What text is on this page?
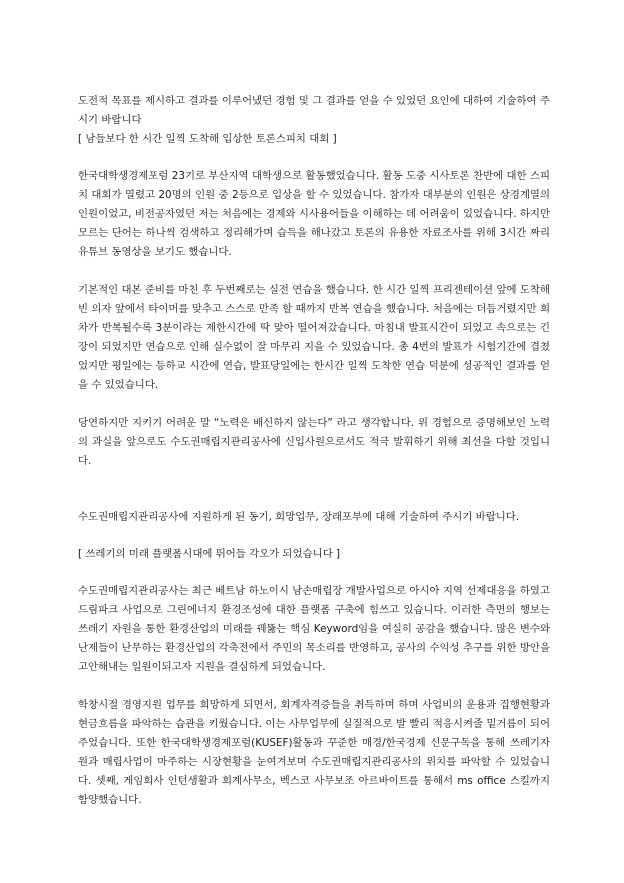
도전적 목표를 제시하고 결과를 이루어냈던 경험 및 그 결과를 얻을 수 있었던 요인에 대하여 기술하여 주시기 바랍니다

[ 남들보다 한 시간 일찍 도착해 입상한 토론스피치 대회 ]

한국대학생경제포럼 23기로 부산지역 대학생으로 활동했었습니다. 활동 도중 시사토론 찬반에 대한 스피치 대회가 열렸고 20명의 인원 중 2등으로 입상을 할 수 있었습니다. 참가자 대부분의 인원은 상경계열의 인원이었고, 비전공자였던 저는 처음에는 경제와 시사용어들을 이해하는 데 어려움이 있었습니다. 하지만 모르는 단어는 하나씩 검색하고 정리해가며 습득을 해나갔고 토론의 유용한 자료조사를 위해 3시간 짜리 유튜브 동영상을 보기도 했습니다.

기본적인 대본 준비를 마친 후 두번째로는 실전 연습을 했습니다. 한 시간 일찍 프리젠테이션 앞에 도착해 빈 의자 앞에서 타이머를 맞추고 스스로 만족 할 때까지 반복 연습을 했습니다. 처음에는 더듬거렸지만 회차가 반복될수록 3분이라는 제한시간에 딱 맞아 떨어져갔습니다. 마침내 발표시간이 되었고 속으로는 긴장이 되었지만 연습으로 인해 실수없이 잘 마무리 지을 수 있었습니다. 총 4번의 발표가 시험기간에 겹쳤었지만 평일에는 등하교 시간에 연습, 발표당일에는 한시간 일찍 도착한 연습 덕분에 성공적인 결과를 얻을 수 있었습니다.

당연하지만 지키기 어려운 말 “노력은 배신하지 않는다” 라고 생각합니다. 위 경험으로 증명해보인 노력의 과실을 앞으로도 수도권매립지관리공사에 신입사원으로서도 적극 발휘하기 위해 최선을 다할 것입니다.

수도권매립지관리공사에 지원하게 된 동기, 희망업무, 장래포부에 대해 기술하여 주시기 바랍니다.

[ 쓰레기의 미래 플랫폼시대에 뛰어들 각오가 되었습니다 ]

수도권매립지관리공사는 최근 베트남 하노이시 남손매립장 개발사업으로 아시아 지역 선제대응을 하였고 드림파크 사업으로 그린에너지 환경조성에 대한 플랫폼 구축에 힘쓰고 있습니다. 이러한 측면의 행보는 쓰레기 자원을 통한 환경산업의 미래를 꿰뚫는 핵심 Keyword임을 여실히 공감을 했습니다. 많은 변수와 난제들이 난무하는 환경산업의 각축전에서 주민의 목소리를 반영하고, 공사의 수익성 추구를 위한 방안을 고안해내는 일원이되고자 지원을 결심하게 되었습니다.

학창시절 경영지원 업무를 희망하게 되면서, 회계자격증들을 취득하며 하며 사업비의 운용과 집행현황과 현금흐름을 파악하는 습관을 키웠습니다. 이는 사무업무에 실질적으로 발 빨리 적응시켜줄 밑거름이 되어주었습니다. 또한 한국대학생경제포럼(KUSEF)활동과 꾸준한 매경/한국경제 신문구독을 통해 쓰레기자원과 매립사업이 마주하는 시장현황을 눈여겨보며 수도권매립지관리공사의 위치를 파악할 수 있었습니다. 셋째, 게임회사 인턴생활과 회계사무소, 벡스코 사무보조 아르바이트를 통해서 ms office 스킬까지 함양했습니다.
